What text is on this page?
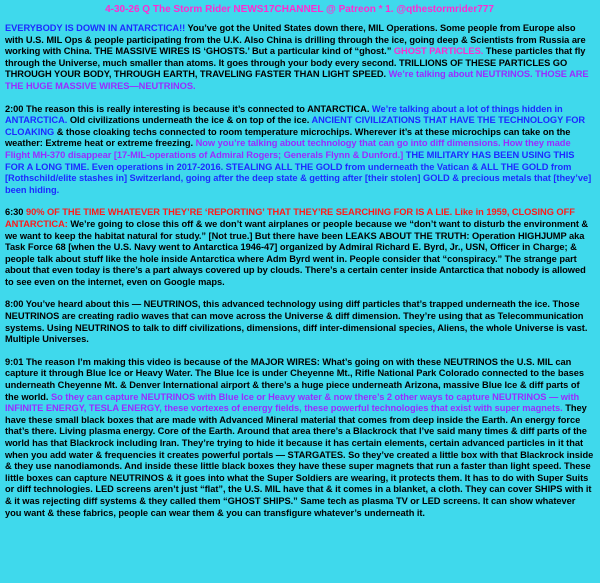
4-30-26 Q The Storm Rider NEWS17CHANNEL @ Patreon * 1. @qthestormrider777

EVERYBODY IS DOWN IN ANTARCTICA!! You’ve got the United States down there, MIL Operations. Some people from Europe also with U.S. MIL Ops & people participating from the U.K. Also China is drilling through the ice, going deep & Scientists from Russia are working with China. THE MASSIVE WIRES IS ‘GHOSTS.’ But a particular kind of “ghost.” GHOST PARTICLES. These particles that fly through the Universe, much smaller than atoms. It goes through your body every second. TRILLIONS OF THESE PARTICLES GO THROUGH YOUR BODY, THROUGH EARTH, TRAVELING FASTER THAN LIGHT SPEED. We’re talking about NEUTRINOS. THOSE ARE THE HUGE MASSIVE WIRES—NEUTRINOS.

2:00 The reason this is really interesting is because it’s connected to ANTARCTICA. We’re talking about a lot of things hidden in ANTARCTICA. Old civilizations underneath the ice & on top of the ice. ANCIENT CIVILIZATIONS THAT HAVE THE TECHNOLOGY FOR CLOAKING & those cloaking techs connected to room temperature microchips. Wherever it’s at these microchips can take on the weather: Extreme heat or extreme freezing. Now you’re talking about technology that can go into diff dimensions. How they made Flight MH-370 disappear [17-MIL-operations of Admiral Rogers; Generals Flynn & Dunford.] THE MILITARY HAS BEEN USING THIS FOR A LONG TIME. Even operations in 2017-2016. STEALING ALL THE GOLD from underneath the Vatican & ALL THE GOLD from [Rothschild/elite stashes in] Switzerland, going after the deep state & getting after [their stolen] GOLD & precious metals that [they’ve] been hiding.

6:30 90% OF THE TIME WHATEVER THEY’RE ‘REPORTING’ THAT THEY’RE SEARCHING FOR IS A LIE. Like in 1959, CLOSING OFF ANTARCTICA: We’re going to close this off & we don’t want airplanes or people because we “don’t want to disturb the environment & we want to keep the habitat natural for study.” [Not true.] But there have been LEAKS ABOUT THE TRUTH: Operation HIGHJUMP aka Task Force 68 [when the U.S. Navy went to Antarctica 1946-47] organized by Admiral Richard E. Byrd, Jr., USN, Officer in Charge; & people talk about stuff like the hole inside Antarctica where Adm Byrd went in. People consider that “conspiracy.” The strange part about that even today is there’s a part always covered up by clouds. There’s a certain center inside Antarctica that nobody is allowed to see even on the internet, even on Google maps.

8:00 You’ve heard about this — NEUTRINOS, this advanced technology using diff particles that’s trapped underneath the ice. Those NEUTRINOS are creating radio waves that can move across the Universe & diff dimension. They’re using that as Telecommunication systems. Using NEUTRINOS to talk to diff civilizations, dimensions, diff inter-dimensional species, Aliens, the whole Universe is vast. Multiple Universes.

9:01 The reason I’m making this video is because of the MAJOR WIRES: What’s going on with these NEUTRINOS the U.S. MIL can capture it through Blue Ice or Heavy Water. The Blue Ice is under Cheyenne Mt., Rifle National Park Colorado connected to the bases underneath Cheyenne Mt. & Denver International airport & there’s a huge piece underneath Arizona, massive Blue Ice & diff parts of the world. So they can capture NEUTRINOS with Blue Ice or Heavy water & now there’s 2 other ways to capture NEUTRINOS — with INFINITE ENERGY, TESLA ENERGY, these vortexes of energy fields, these powerful technologies that exist with super magnets. They have these small black boxes that are made with Advanced Mineral material that comes from deep inside the Earth. An energy force that’s there. Living plasma energy. Core of the Earth. Around that area there’s a Blackrock that I’ve said many times & diff parts of the world has that Blackrock including Iran. They’re trying to hide it because it has certain elements, certain advanced particles in it that when you add water & frequencies it creates powerful portals — STARGATES. So they’ve created a little box with that Blackrock inside & they use nanodiamonds. And inside these little black boxes they have these super magnets that run a faster than light speed. These little boxes can capture NEUTRINOS & it goes into what the Super Soldiers are wearing, it protects them. It has to do with Super Suits or diff technologies. LED screens aren’t just “flat”, the U.S. MIL have that & it comes in a blanket, a cloth. They can cover SHIPS with it & it was rejecting diff systems & they called them “GHOST SHIPS.” Same tech as plasma TV or LED screens. It can show whatever you want & these fabrics, people can wear them & you can transfigure whatever’s underneath it.
